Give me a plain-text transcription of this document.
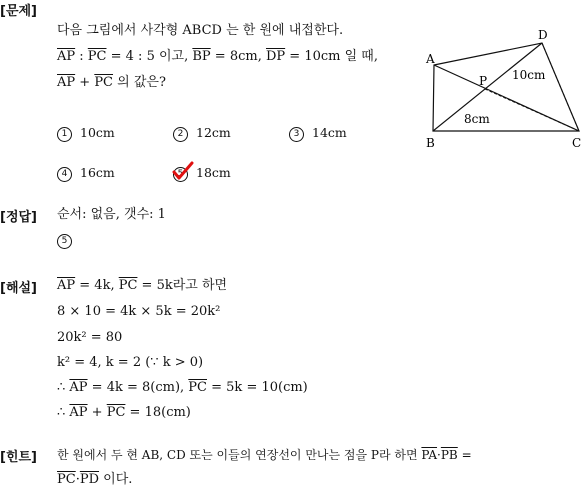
[문제]
[정답]
[해설]
[힌트]
다음 그림에서 사각형 ABCD 는 한 원에 내접한다.
$\overline{AP}$ : $\overline{PC} = 4$ : 5 이고, $\overline{BP} = 8cm$, $\overline{DP} = 10cm$ 일 때,
$\overline{AP} + \overline{PC}$ 의 값은?
1 10cm	2 12cm	3 14cm
4 16cm	5 18cm
A
D
B	C
P 10cm
8cm
순서: 없음, 갯수: 1
5
$\overline{AP} = 4k$, $\overline{PC} = 5k$라고 하면
8 × 10 = 4k × 5k = 20k²
20k² = 80
k² = 4, k = 2 (∵ k > 0)
∴ $\overline{AP} = 4k = 8(cm)$, $\overline{PC} = 5k = 10(cm)$
∴ $\overline{AP} + \overline{PC} = 18(cm)$
한 원에서 두 현 AB, CD 또는 이들의 연장선이 만나는 점을 P라 하면 $\overline{PA}\cdot\overline{PB}$ =
$\overline{PC}\cdot\overline{PD}$ 이다.
